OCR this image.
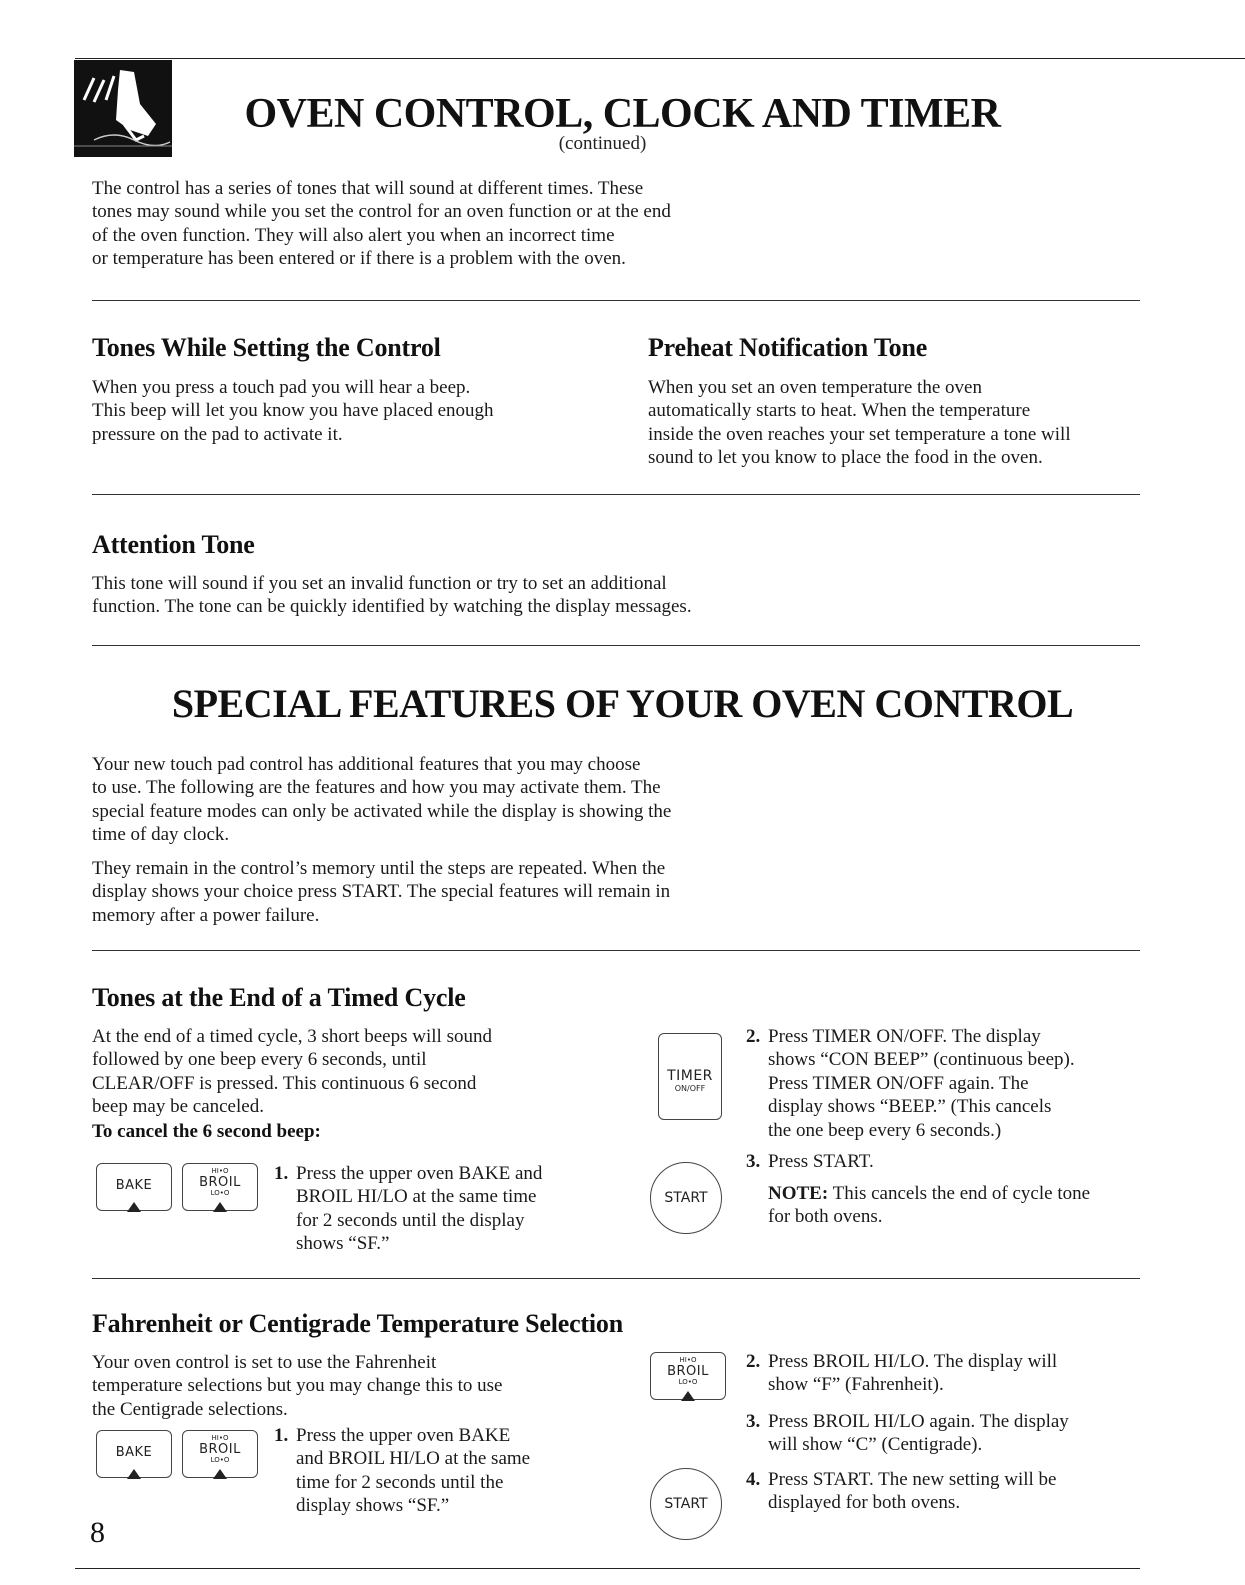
OVEN CONTROL, CLOCK AND TIMER
(continued)
The control has a series of tones that will sound at different times. These
tones may sound while you set the control for an oven function or at the end
of the oven function. They will also alert you when an incorrect time
or temperature has been entered or if there is a problem with the oven.
Tones While Setting the Control
When you press a touch pad you will hear a beep.
This beep will let you know you have placed enough
pressure on the pad to activate it.
Preheat Notification Tone
When you set an oven temperature the oven
automatically starts to heat. When the temperature
inside the oven reaches your set temperature a tone will
sound to let you know to place the food in the oven.
Attention Tone
This tone will sound if you set an invalid function or try to set an additional
function. The tone can be quickly identified by watching the display messages.
SPECIAL FEATURES OF YOUR OVEN CONTROL
Your new touch pad control has additional features that you may choose
to use. The following are the features and how you may activate them. The
special feature modes can only be activated while the display is showing the
time of day clock.
They remain in the control’s memory until the steps are repeated. When the
display shows your choice press START. The special features will remain in
memory after a power failure.
Tones at the End of a Timed Cycle
At the end of a timed cycle, 3 short beeps will sound
followed by one beep every 6 seconds, until
CLEAR/OFF is pressed. This continuous 6 second
beep may be canceled.
To cancel the 6 second beep:
BAKE
HI•O
BROIL
LO•O
1. Press the upper oven BAKE and
BROIL HI/LO at the same time
for 2 seconds until the display
shows “SF.”
TIMER
ON/OFF
START
2. Press TIMER ON/OFF. The display
shows “CON BEEP” (continuous beep).
Press TIMER ON/OFF again. The
display shows “BEEP.” (This cancels
the one beep every 6 seconds.)
3. Press START.
NOTE: This cancels the end of cycle tone
for both ovens.
Fahrenheit or Centigrade Temperature Selection
Your oven control is set to use the Fahrenheit
temperature selections but you may change this to use
the Centigrade selections.
BAKE
HI•O
BROIL
LO•O
1. Press the upper oven BAKE
and BROIL HI/LO at the same
time for 2 seconds until the
display shows “SF.”
HI•O
BROIL
LO•O
START
2. Press BROIL HI/LO. The display will
show “F” (Fahrenheit).
3. Press BROIL HI/LO again. The display
will show “C” (Centigrade).
4. Press START. The new setting will be
displayed for both ovens.
8
